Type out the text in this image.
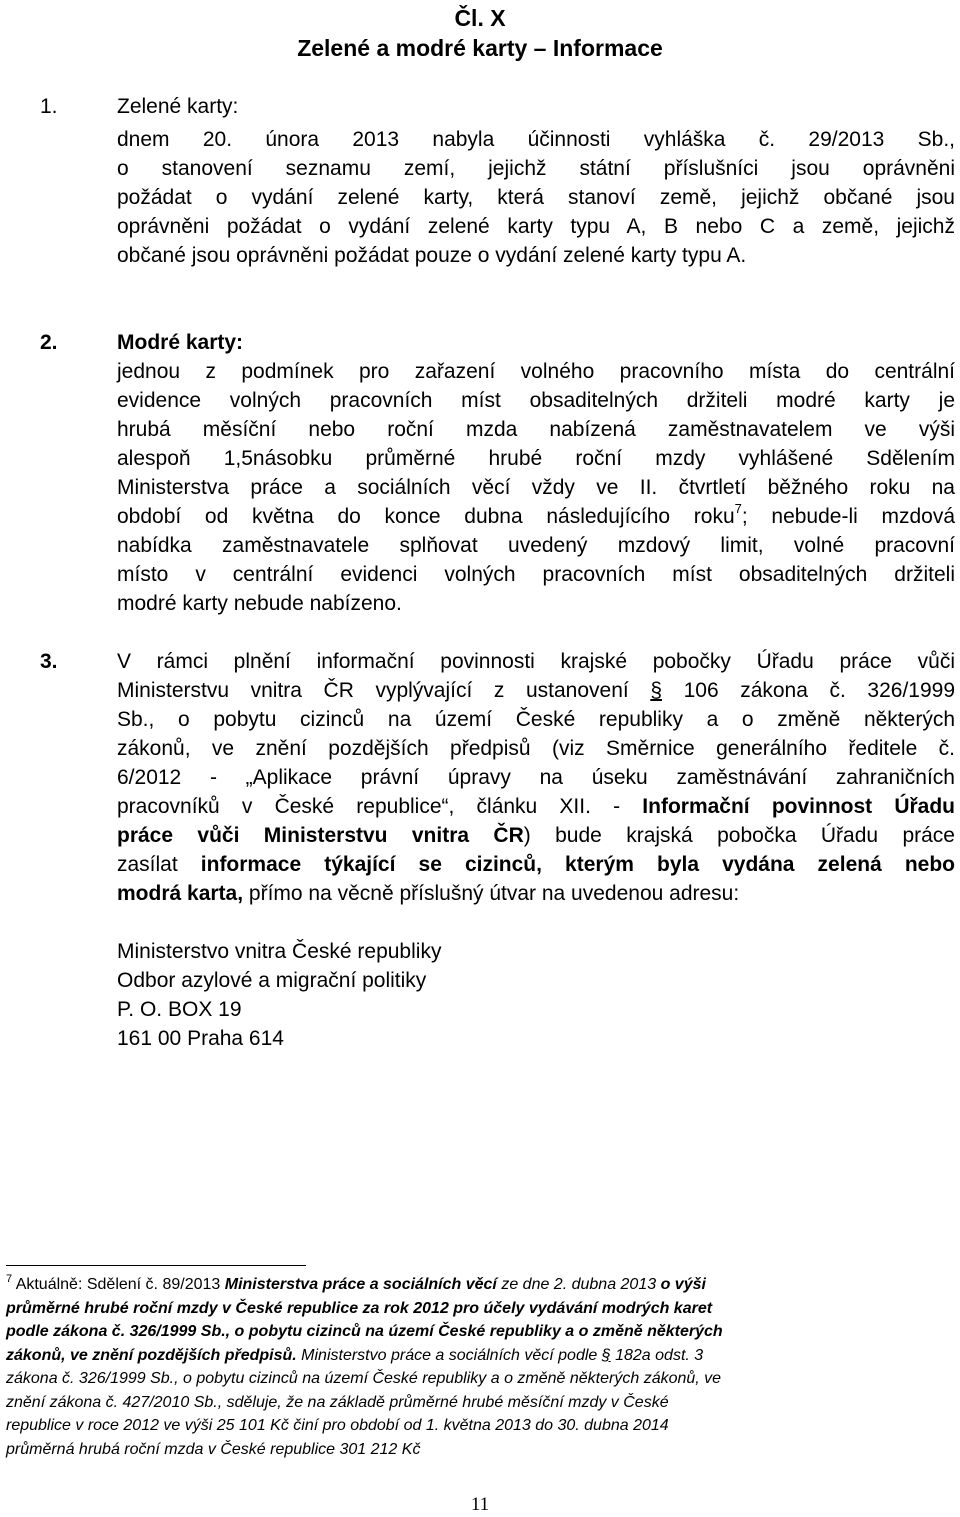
Čl. X
Zelené a modré karty – Informace
1.	Zelené karty:
dnem 20. února 2013 nabyla účinnosti vyhláška č. 29/2013 Sb.,
o stanovení seznamu zemí, jejichž státní příslušníci jsou oprávněni
požádat o vydání zelené karty, která stanoví země, jejichž občané jsou
oprávněni požádat o vydání zelené karty typu A, B nebo C a země, jejichž
občané jsou oprávněni požádat pouze o vydání zelené karty typu A.
2.	Modré karty:
jednou z podmínek pro zařazení volného pracovního místa do centrální
evidence volných pracovních míst obsaditelných držiteli modré karty je
hrubá měsíční nebo roční mzda nabízená zaměstnavatelem ve výši
alespoň 1,5násobku průměrné hrubé roční mzdy vyhlášené Sdělením
Ministerstva práce a sociálních věcí vždy ve II. čtvrtletí běžného roku na
období od května do konce dubna následujícího roku$^7$; nebude-li mzdová
nabídka zaměstnavatele splňovat uvedený mzdový limit, volné pracovní
místo v centrální evidenci volných pracovních míst obsaditelných držiteli
modré karty nebude nabízeno.
3.	V rámci plnění informační povinnosti krajské pobočky Úřadu práce vůči
Ministerstvu vnitra ČR vyplývající z ustanovení § 106 zákona č. 326/1999
Sb., o pobytu cizinců na území České republiky a o změně některých
zákonů, ve znění pozdějších předpisů (viz Směrnice generálního ředitele č.
6/2012 - „Aplikace právní úpravy na úseku zaměstnávání zahraničních
pracovníků v České republice“, článku XII. - Informační povinnost Úřadu
práce vůči Ministerstvu vnitra ČR) bude krajská pobočka Úřadu práce
zasílat informace týkající se cizinců, kterým byla vydána zelená nebo
modrá karta, přímo na věcně příslušný útvar na uvedenou adresu:
Ministerstvo vnitra České republiky
Odbor azylové a migrační politiky
P. O. BOX 19
161 00 Praha 614
$^7$ Aktuálně: Sdělení č. 89/2013 Ministerstva práce a sociálních věcí ze dne 2. dubna 2013 o výši
průměrné hrubé roční mzdy v České republice za rok 2012 pro účely vydávání modrých karet
podle zákona č. 326/1999 Sb., o pobytu cizinců na území České republiky a o změně některých
zákonů, ve znění pozdějších předpisů. Ministerstvo práce a sociálních věcí podle § 182a odst. 3
zákona č. 326/1999 Sb., o pobytu cizinců na území České republiky a o změně některých zákonů, ve
znění zákona č. 427/2010 Sb., sděluje, že na základě průměrné hrubé měsíční mzdy v České
republice v roce 2012 ve výši 25 101 Kč činí pro období od 1. května 2013 do 30. dubna 2014
průměrná hrubá roční mzda v České republice 301 212 Kč
11
